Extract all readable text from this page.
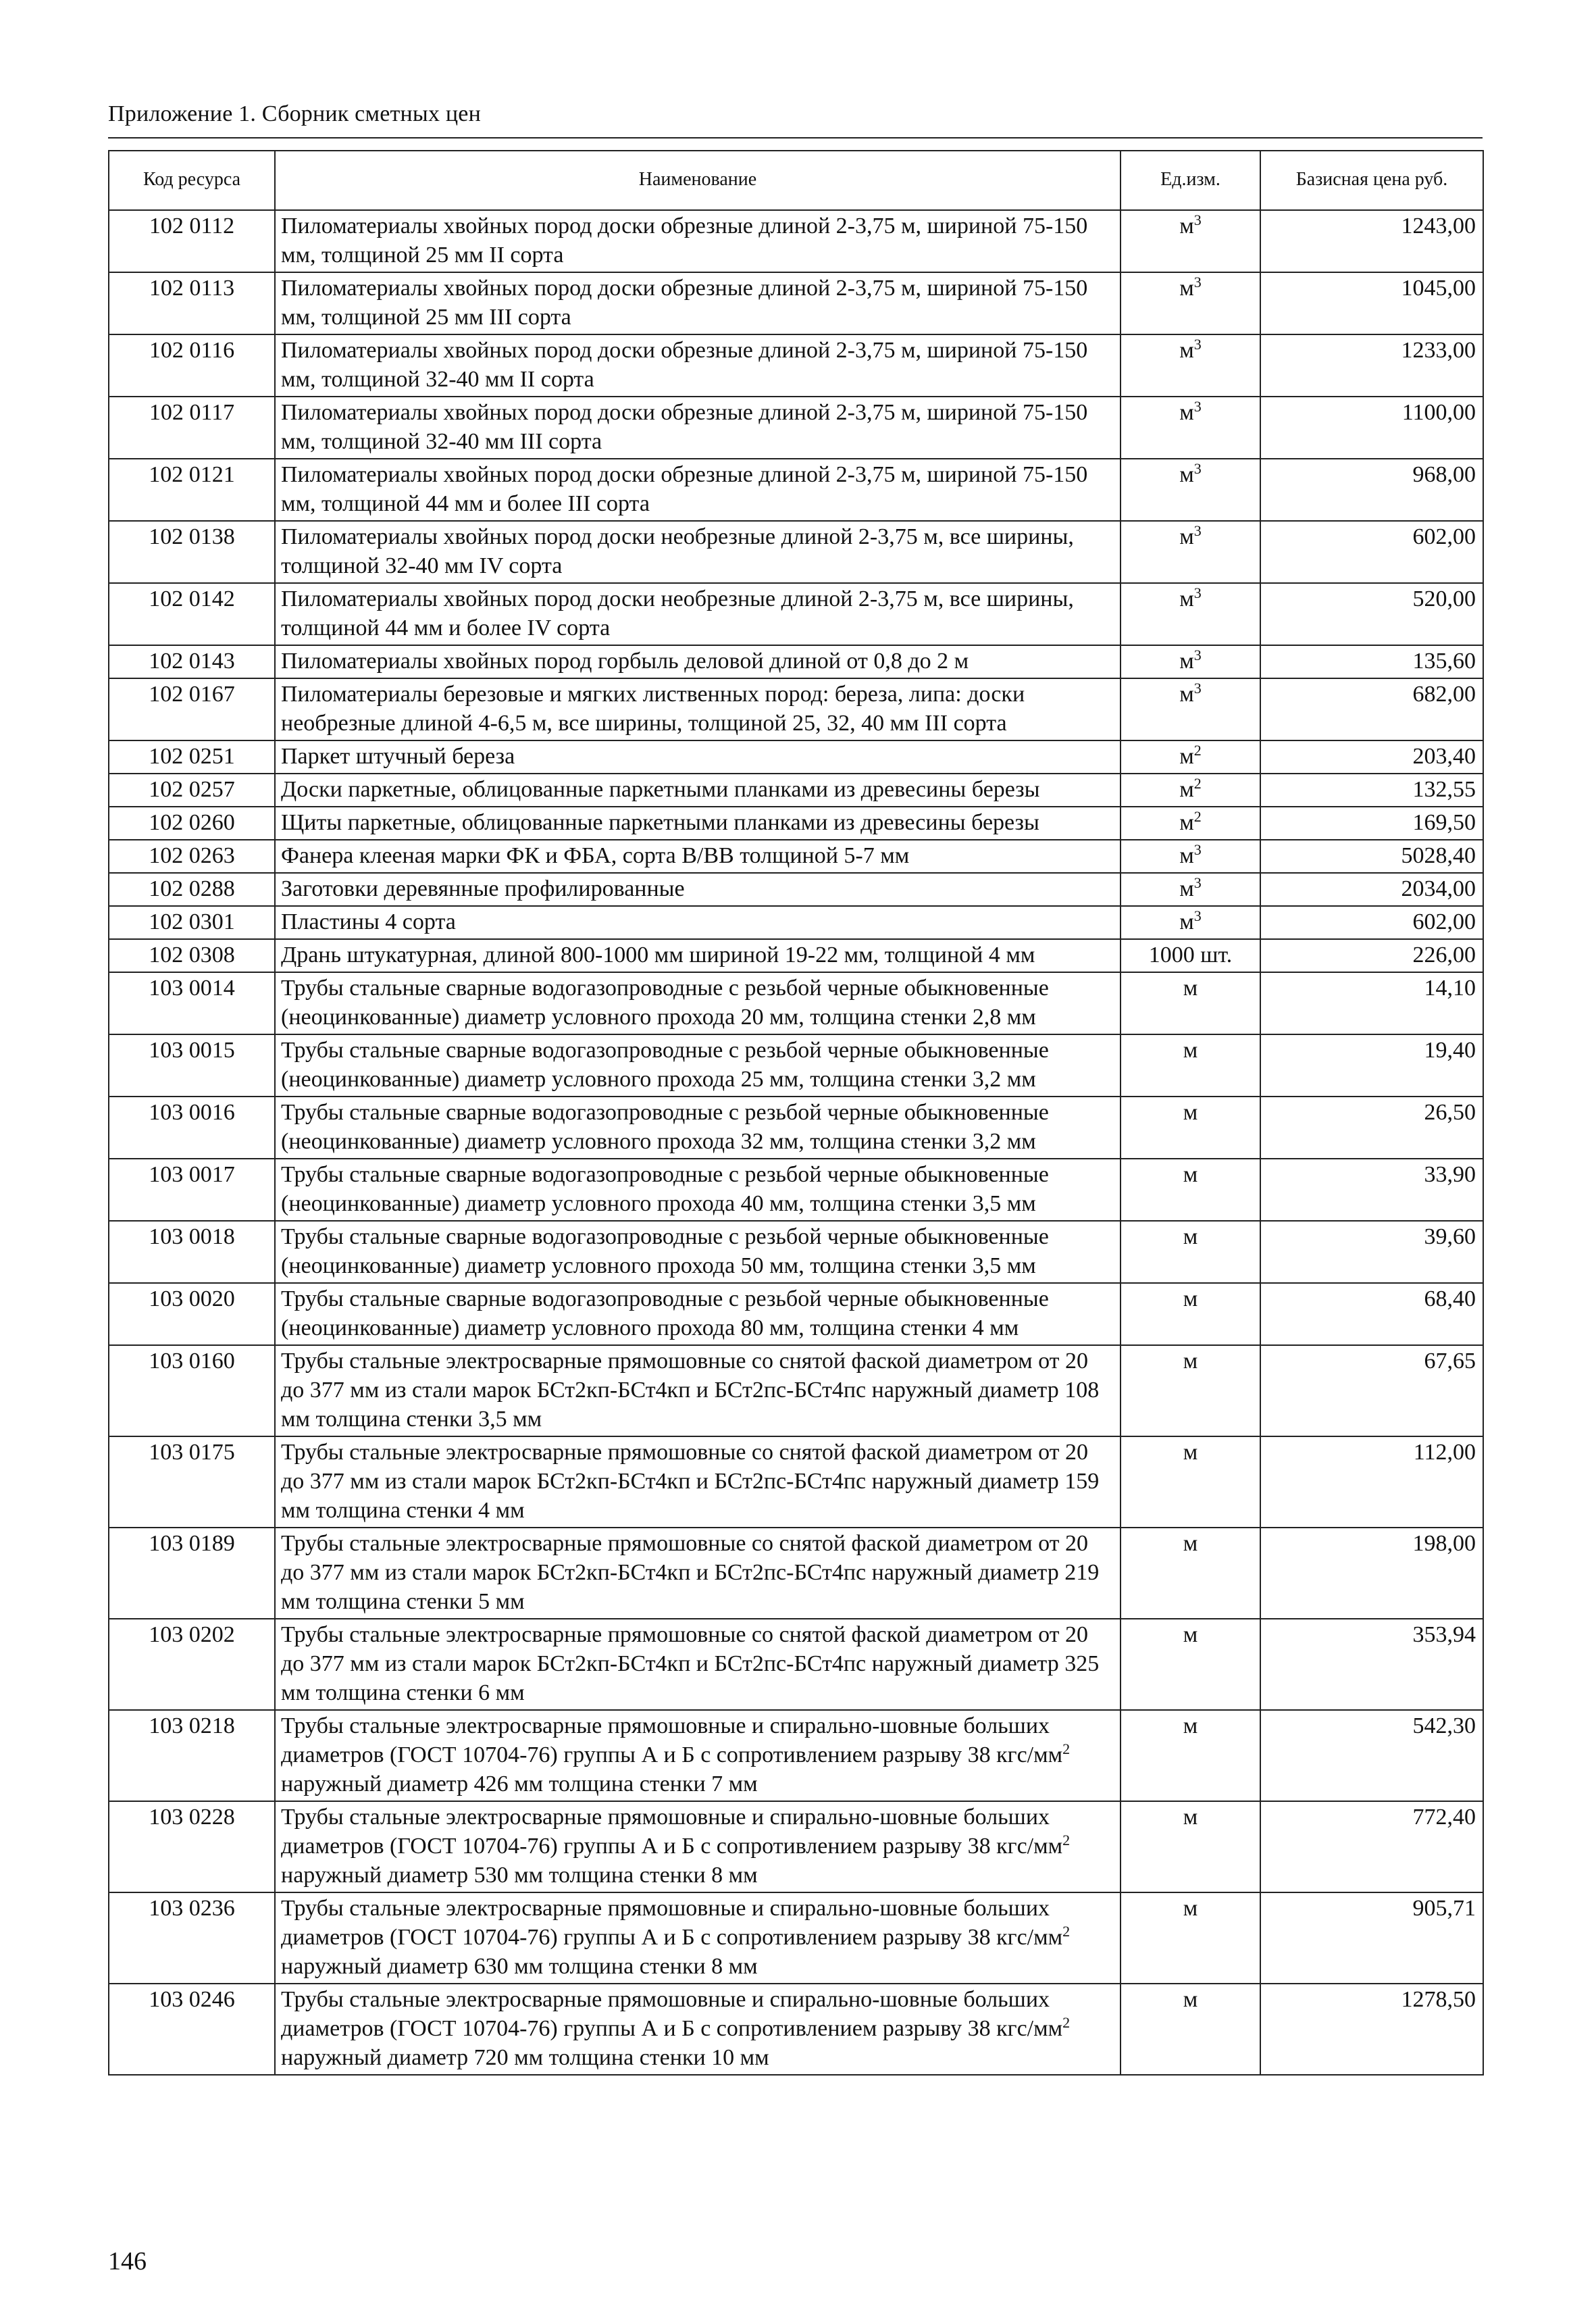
Приложение 1. Сборник сметных цен
Код ресурса	Наименование	Ед.изм.	Базисная цена руб.
102 0112	Пиломатериалы хвойных пород доски обрезные длиной 2-3,75 м, шириной 75-150 мм, толщиной 25 мм II сорта	$м^3$	1243,00
102 0113	Пиломатериалы хвойных пород доски обрезные длиной 2-3,75 м, шириной 75-150 мм, толщиной 25 мм III сорта	$м^3$	1045,00
102 0116	Пиломатериалы хвойных пород доски обрезные длиной 2-3,75 м, шириной 75-150 мм, толщиной 32-40 мм II сорта	$м^3$	1233,00
102 0117	Пиломатериалы хвойных пород доски обрезные длиной 2-3,75 м, шириной 75-150 мм, толщиной 32-40 мм III сорта	$м^3$	1100,00
102 0121	Пиломатериалы хвойных пород доски обрезные длиной 2-3,75 м, шириной 75-150 мм, толщиной 44 мм и более III сорта	$м^3$	968,00
102 0138	Пиломатериалы хвойных пород доски необрезные длиной 2-3,75 м, все ширины, толщиной 32-40 мм IV сорта	$м^3$	602,00
102 0142	Пиломатериалы хвойных пород доски необрезные длиной 2-3,75 м, все ширины, толщиной 44 мм и более IV сорта	$м^3$	520,00
102 0143	Пиломатериалы хвойных пород горбыль деловой длиной от 0,8 до 2 м	$м^3$	135,60
102 0167	Пиломатериалы березовые и мягких лиственных пород: береза, липа: доски необрезные длиной 4-6,5 м, все ширины, толщиной 25, 32, 40 мм III сорта	$м^3$	682,00
102 0251	Паркет штучный береза	$м^2$	203,40
102 0257	Доски паркетные, облицованные паркетными планками из древесины березы	$м^2$	132,55
102 0260	Щиты паркетные, облицованные паркетными планками из древесины березы	$м^2$	169,50
102 0263	Фанера клееная марки ФК и ФБА, сорта В/ВВ толщиной 5-7 мм	$м^3$	5028,40
102 0288	Заготовки деревянные профилированные	$м^3$	2034,00
102 0301	Пластины 4 сорта	$м^3$	602,00
102 0308	Дрань штукатурная, длиной 800-1000 мм шириной 19-22 мм, толщиной 4 мм	1000 шт.	226,00
103 0014	Трубы стальные сварные водогазопроводные с резьбой черные обыкновенные (неоцинкованные) диаметр условного прохода 20 мм, толщина стенки 2,8 мм	м	14,10
103 0015	Трубы стальные сварные водогазопроводные с резьбой черные обыкновенные (неоцинкованные) диаметр условного прохода 25 мм, толщина стенки 3,2 мм	м	19,40
103 0016	Трубы стальные сварные водогазопроводные с резьбой черные обыкновенные (неоцинкованные) диаметр условного прохода 32 мм, толщина стенки 3,2 мм	м	26,50
103 0017	Трубы стальные сварные водогазопроводные с резьбой черные обыкновенные (неоцинкованные) диаметр условного прохода 40 мм, толщина стенки 3,5 мм	м	33,90
103 0018	Трубы стальные сварные водогазопроводные с резьбой черные обыкновенные (неоцинкованные) диаметр условного прохода 50 мм, толщина стенки 3,5 мм	м	39,60
103 0020	Трубы стальные сварные водогазопроводные с резьбой черные обыкновенные (неоцинкованные) диаметр условного прохода 80 мм, толщина стенки 4 мм	м	68,40
103 0160	Трубы стальные электросварные прямошовные со снятой фаской диаметром от 20 до 377 мм из стали марок БСт2кп-БСт4кп и БСт2пс-БСт4пс наружный диаметр 108 мм толщина стенки 3,5 мм	м	67,65
103 0175	Трубы стальные электросварные прямошовные со снятой фаской диаметром от 20 до 377 мм из стали марок БСт2кп-БСт4кп и БСт2пс-БСт4пс наружный диаметр 159 мм толщина стенки 4 мм	м	112,00
103 0189	Трубы стальные электросварные прямошовные со снятой фаской диаметром от 20 до 377 мм из стали марок БСт2кп-БСт4кп и БСт2пс-БСт4пс наружный диаметр 219 мм толщина стенки 5 мм	м	198,00
103 0202	Трубы стальные электросварные прямошовные со снятой фаской диаметром от 20 до 377 мм из стали марок БСт2кп-БСт4кп и БСт2пс-БСт4пс наружный диаметр 325 мм толщина стенки 6 мм	м	353,94
103 0218	Трубы стальные электросварные прямошовные и спирально-шовные больших диаметров (ГОСТ 10704-76) группы А и Б с сопротивлением разрыву 38 кгс/$мм^2$ наружный диаметр 426 мм толщина стенки 7 мм	м	542,30
103 0228	Трубы стальные электросварные прямошовные и спирально-шовные больших диаметров (ГОСТ 10704-76) группы А и Б с сопротивлением разрыву 38 кгс/$мм^2$ наружный диаметр 530 мм толщина стенки 8 мм	м	772,40
103 0236	Трубы стальные электросварные прямошовные и спирально-шовные больших диаметров (ГОСТ 10704-76) группы А и Б с сопротивлением разрыву 38 кгс/$мм^2$ наружный диаметр 630 мм толщина стенки 8 мм	м	905,71
103 0246	Трубы стальные электросварные прямошовные и спирально-шовные больших диаметров (ГОСТ 10704-76) группы А и Б с сопротивлением разрыву 38 кгс/$мм^2$ наружный диаметр 720 мм толщина стенки 10 мм	м	1278,50
146
